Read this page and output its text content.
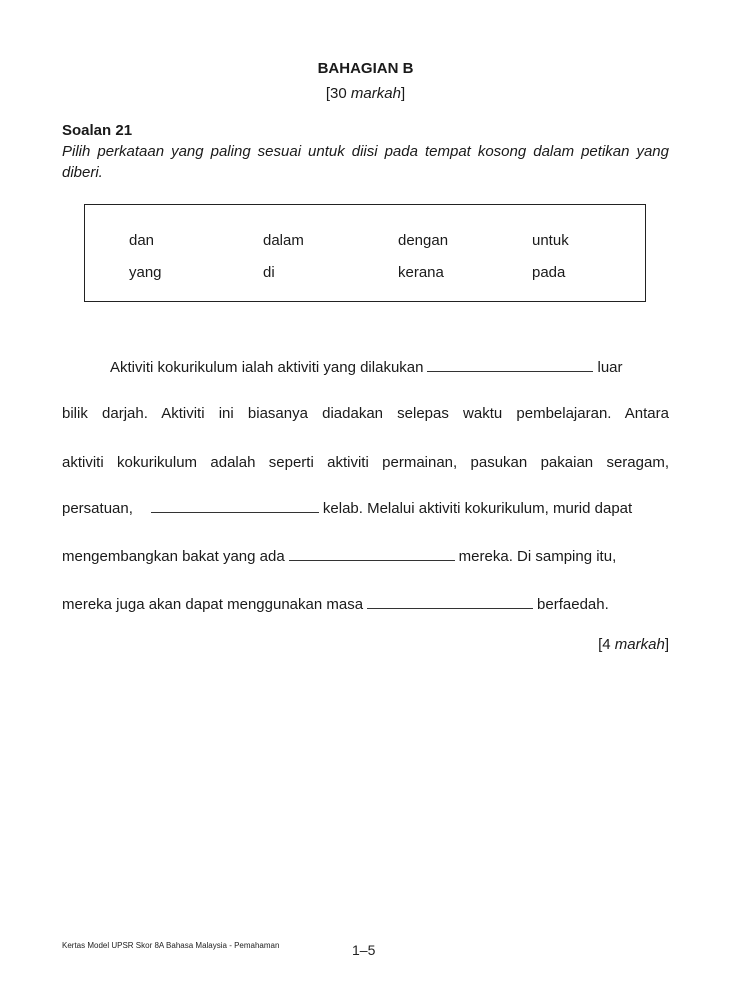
BAHAGIAN B
[30 markah]
Soalan 21
Pilih perkataan yang paling sesuai untuk diisi pada tempat kosong dalam petikan yang diberi.
dan	dalam	dengan	untuk
yang	di	kerana	pada
Aktiviti kokurikulum ialah aktiviti yang dilakukan	luar
bilik darjah. Aktiviti ini biasanya diadakan selepas waktu pembelajaran. Antara
aktiviti kokurikulum adalah seperti aktiviti permainan, pasukan pakaian seragam,
persatuan,	kelab. Melalui aktiviti kokurikulum, murid dapat
mengembangkan bakat yang ada	mereka. Di samping itu,
mereka juga akan dapat menggunakan masa	berfaedah.
[4 markah]
Kertas Model UPSR Skor 8A Bahasa Malaysia - Pemahaman	1–5
